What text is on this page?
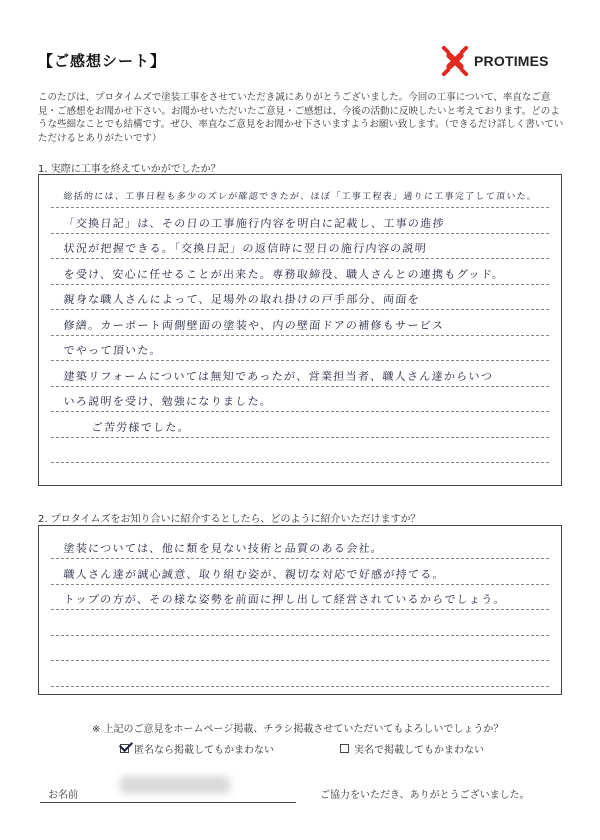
【ご感想シート】	PROTIMES
このたびは、プロタイムズで塗装工事をさせていただき誠にありがとうございました。今回の工事について、率直なご意見・ご感想をお聞かせ下さい。お聞かせいただいたご意見・ご感想は、今後の活動に反映したいと考えております。どのような些細なことでも結構です。ぜひ、率直なご意見をお聞かせ下さいますようお願い致します。（できるだけ詳しく書いていただけるとありがたいです）
1. 実際に工事を終えていかがでしたか？
総括的には、工事日程も多少のズレが確認できたが、ほぼ「工事工程表」通りに工事完了して頂いた。
「交換日記」は、その日の工事施行内容を明白に記載し、工事の進捗
状況が把握できる。「交換日記」の返信時に翌日の施行内容の説明
を受け、安心に任せることが出来た。専務取締役、職人さんとの連携もグッド。
親身な職人さんによって、足場外の取れ掛けの戸手部分、両面を
修繕。カーポート両側壁面の塗装や、内の壁面ドアの補修もサービス
でやって頂いた。
建築リフォームについては無知であったが、営業担当者、職人さん達からいつ
いろ説明を受け、勉強になりました。
ご苦労様でした。
2. プロタイムズをお知り合いに紹介するとしたら、どのように紹介いただけますか？
塗装については、他に類を見ない技術と品質のある会社。
職人さん達が誠心誠意、取り組む姿が、親切な対応で好感が持てる。
トップの方が、その様な姿勢を前面に押し出して経営されているからでしょう。
※ 上記のご意見をホームページ掲載、チラシ掲載させていただいてもよろしいでしょうか？
匿名なら掲載してもかまわない	実名で掲載してもかまわない
お名前	ご協力をいただき、ありがとうございました。
